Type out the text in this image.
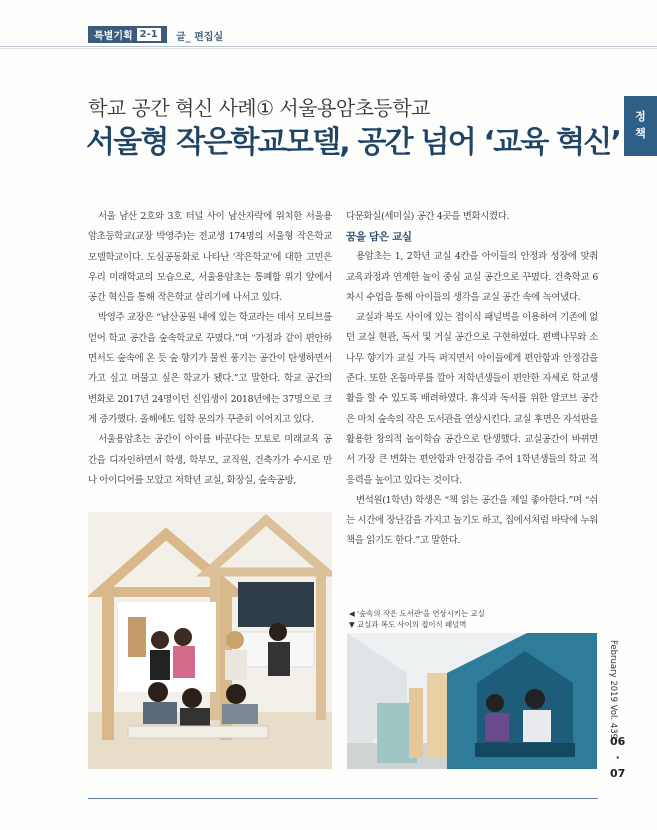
특별기획 2-1	글_ 편집실
정
책
학교 공간 혁신 사례① 서울용암초등학교
서울형 작은학교모델, 공간 넘어 ‘교육 혁신’

서울 남산 2호와 3호 터널 사이 남산자락에 위치한 서울용암초등학교(교장 박영주)는 전교생 174명의 서울형 작은학교 모델학교이다. 도심공동화로 나타난 '작은학교'에 대한 고민은 우리 미래학교의 모습으로, 서울용암초는 통폐합 위기 앞에서 공간 혁신을 통해 작은학교 살리기에 나서고 있다.

박영주 교장은 “남산공원 내에 있는 학교라는 데서 모티브를 얻어 학교 공간을 숲속학교로 꾸몄다.”며 “가정과 같이 편안하면서도 숲속에 온 듯 숲 향기가 물씬 풍기는 공간이 탄생하면서 가고 싶고 머물고 싶은 학교가 됐다.”고 말한다. 학교 공간의 변화로 2017년 24명이던 신입생이 2018년에는 37명으로 크게 증가했다. 올해에도 입학 문의가 꾸준히 이어지고 있다.

서울용암초는 공간이 아이를 바꾼다는 모토로 미래교육 공간을 디자인하면서 학생, 학부모, 교직원, 건축가가 수시로 만나 아이디어를 모았고 저학년 교실, 화장실, 숲속공방,

다문화실(세미실) 공간 4곳을 변화시켰다.

꿈을 담은 교실

용암초는 1, 2학년 교실 4칸을 아이들의 안정과 성장에 맞춰 교육과정과 연계한 놀이 중심 교실 공간으로 꾸몄다. 건축학교 6차시 수업을 통해 아이들의 생각을 교실 공간 속에 녹여냈다.

교실과 복도 사이에 있는 접이식 패널벽을 이용하여 기존에 없던 교실 현관, 독서 및 거실 공간으로 구현하였다. 편백나무와 소나무 향기가 교실 가득 퍼지면서 아이들에게 편안함과 안정감을 준다. 또한 온돌마루를 깔아 저학년생들이 편안한 자세로 학교생활을 할 수 있도록 배려하였다. 휴식과 독서를 위한 알코브 공간은 마치 숲속의 작은 도서관을 연상시킨다. 교실 후면은 자석판을 활용한 창의적 놀이학습 공간으로 탄생했다. 교실공간이 바뀌면서 가장 큰 변화는 편안함과 안정감을 주어 1학년생들의 학교 적응력을 높이고 있다는 것이다.

변석원(1학년) 학생은 “책 읽는 공간을 제일 좋아한다.”며 “쉬는 시간에 장난감을 가지고 놀기도 하고, 집에서처럼 바닥에 누워 책을 읽기도 한다.”고 말한다.

◀ '숲속의 작은 도서관'을 연상시키는 교실
▼ 교실과 복도 사이의 접이식 패널벽
February 2019 Vol. 439
06
·
07
